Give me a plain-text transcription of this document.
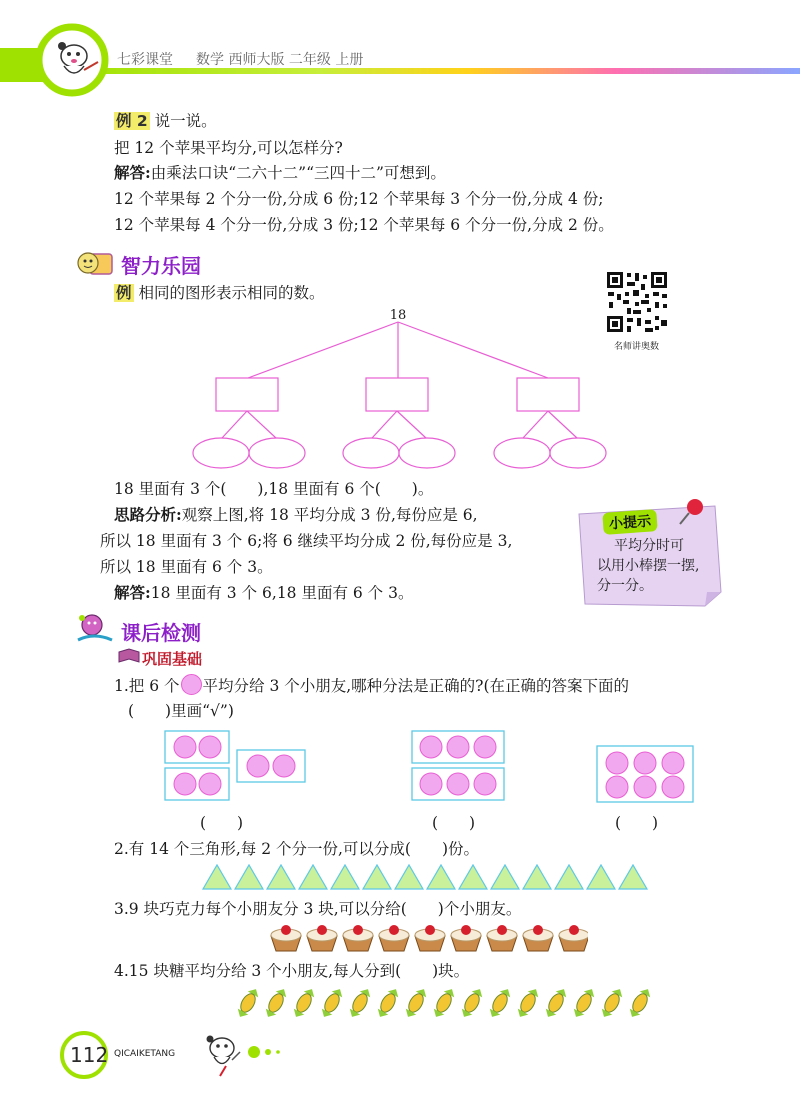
七彩课堂 数学 西师大版 二年级 上册
例 2 说一说。
把 12 个苹果平均分,可以怎样分?
解答:由乘法口诀“二六十二”“三四十二”可想到。
12 个苹果每 2 个分一份,分成 6 份;12 个苹果每 3 个分一份,分成 4 份;
12 个苹果每 4 个分一份,分成 3 份;12 个苹果每 6 个分一份,分成 2 份。
智力乐园
例 相同的图形表示相同的数。
名师讲奥数
18
18 里面有 3 个(　　),18 里面有 6 个(　　)。
思路分析:观察上图,将 18 平均分成 3 份,每份应是 6,
所以 18 里面有 3 个 6;将 6 继续平均分成 2 份,每份应是 3,
所以 18 里面有 6 个 3。
解答:18 里面有 3 个 6,18 里面有 6 个 3。
小提示
平均分时可
以用小棒摆一摆,
分一分。
课后检测
巩固基础
1.把 6 个 平均分给 3 个小朋友,哪种分法是正确的?(在正确的答案下面的
(　　)里画“√”)
(　　)	(　　)	(　　)
2.有 14 个三角形,每 2 个分一份,可以分成(　　)份。
3.9 块巧克力每个小朋友分 3 块,可以分给(　　)个小朋友。
4.15 块糖平均分给 3 个小朋友,每人分到(　　)块。
112 QICAIKETANG
